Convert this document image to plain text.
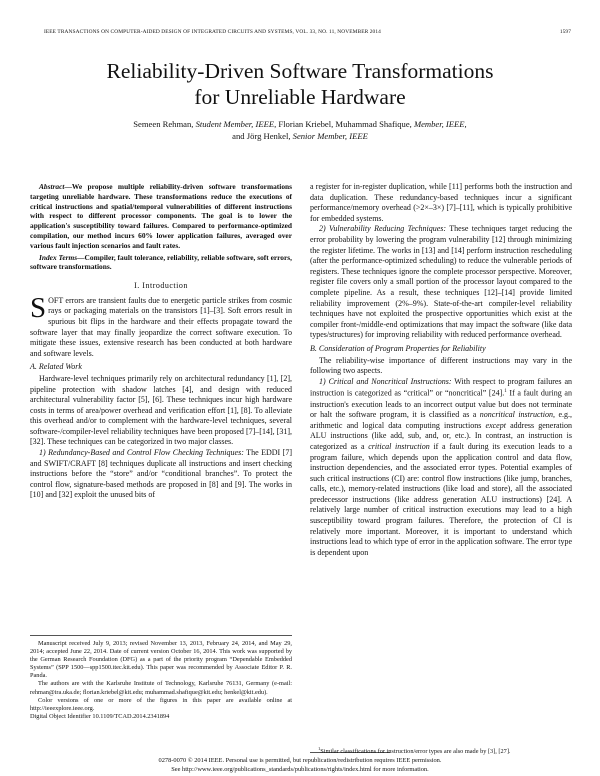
IEEE TRANSACTIONS ON COMPUTER-AIDED DESIGN OF INTEGRATED CIRCUITS AND SYSTEMS, VOL. 33, NO. 11, NOVEMBER 2014	1597
Reliability-Driven Software Transformations
for Unreliable Hardware
Semeen Rehman, Student Member, IEEE, Florian Kriebel, Muhammad Shafique, Member, IEEE,
and Jörg Henkel, Senior Member, IEEE

Abstract—We propose multiple reliability-driven software transformations targeting unreliable hardware. These transformations reduce the executions of critical instructions and spatial/temporal vulnerabilities of different instructions with respect to different processor components. The goal is to lower the application's susceptibility toward failures. Compared to performance-optimized compilation, our method incurs 60% lower application failures, averaged over various fault injection scenarios and fault rates.

Index Terms—Compiler, fault tolerance, reliability, reliable software, soft errors, software transformations.

I. Introduction

SOFT errors are transient faults due to energetic particle strikes from cosmic rays or packaging materials on the transistors [1]–[3]. Soft errors result in spurious bit flips in the hardware and their effects propagate toward the software layer that may finally jeopardize the correct software execution. To mitigate these issues, extensive research has been conducted at both hardware and software levels.

A. Related Work

Hardware-level techniques primarily rely on architectural redundancy [1], [2], pipeline protection with shadow latches [4], and design with reduced architectural vulnerability factor [5], [6]. These techniques incur high hardware costs in terms of area/power overhead and verification effort [1], [8]. To alleviate this overhead and/or to complement with the hardware-level techniques, several software-/compiler-level reliability techniques have been proposed [7]–[14], [31], [32]. These techniques can be categorized in two major classes.

1) Redundancy-Based and Control Flow Checking Techniques: The EDDI [7] and SWIFT/CRAFT [8] techniques duplicate all instructions and insert checking instructions before the “store” and/or “conditional branches”. To protect the control flow, signature-based methods are proposed in [8] and [9]. The works in [10] and [32] exploit the unused bits of

Manuscript received July 9, 2013; revised November 13, 2013, February 24, 2014, and May 29, 2014; accepted June 22, 2014. Date of current version October 16, 2014. This work was supported by the German Research Foundation (DFG) as a part of the priority program “Dependable Embedded Systems” (SPP 1500—spp1500.itec.kit.edu). This paper was recommended by Associate Editor P. R. Panda.

The authors are with the Karlsruhe Institute of Technology, Karlsruhe 76131, Germany (e-mail: rehman@ira.uka.de; florian.kriebel@kit.edu; muhammad.shafique@kit.edu; henkel@kit.edu).

Color versions of one or more of the figures in this paper are available online at http://ieeexplore.ieee.org.

Digital Object Identifier 10.1109/TCAD.2014.2341894

a register for in-register duplication, while [11] performs both the instruction and data duplication. These redundancy-based techniques incur a significant performance/memory overhead (>2×–3×) [7]–[11], which is typically prohibitive for embedded systems.

2) Vulnerability Reducing Techniques: These techniques target reducing the error probability by lowering the program vulnerability [12] through minimizing the register lifetime. The works in [13] and [14] perform instruction rescheduling (after the performance-optimized scheduling) to reduce the vulnerable periods of registers. These techniques ignore the complete processor perspective. Moreover, register file covers only a small portion of the processor layout compared to the complete pipeline. As a result, these techniques [12]–[14] provide limited reliability improvement (2%–9%). State-of-the-art compiler-level reliability techniques have not exploited the prospective opportunities which exist at the compiler front-/middle-end optimizations that may impact the software (like data types/structures) for improving reliability with reduced performance overhead.

B. Consideration of Program Properties for Reliability

The reliability-wise importance of different instructions may vary in the following two aspects.

1) Critical and Noncritical Instructions: With respect to program failures an instruction is categorized as “critical” or “noncritical” [24].$^1$ If a fault during an instruction's execution leads to an incorrect output value but does not terminate or halt the software program, it is classified as a noncritical instruction, e.g., arithmetic and logical data computing instructions except address generation ALU instructions (like add, sub, and, or, etc.). In contrast, an instruction is categorized as a critical instruction if a fault during its execution leads to a program failure, which depends upon the application control and data flow, instruction dependencies, and the associated error types. Potential examples of such critical instructions (CI) are: control flow instructions (like jump, branches, calls, etc.), memory-related instructions (like load and store), all the associated predecessor instructions (like address generation ALU instructions) [24]. A relatively large number of critical instruction executions may lead to a high susceptibility toward program failures. Therefore, the protection of CI is relatively more important. Moreover, it is important to understand which instructions lead to which type of error in the application software. The error type is dependent upon

$^1$Similar classifications for instruction/error types are also made by [3], [27].
0278-0070 © 2014 IEEE. Personal use is permitted, but republication/redistribution requires IEEE permission.
See http://www.ieee.org/publications_standards/publications/rights/index.html for more information.
